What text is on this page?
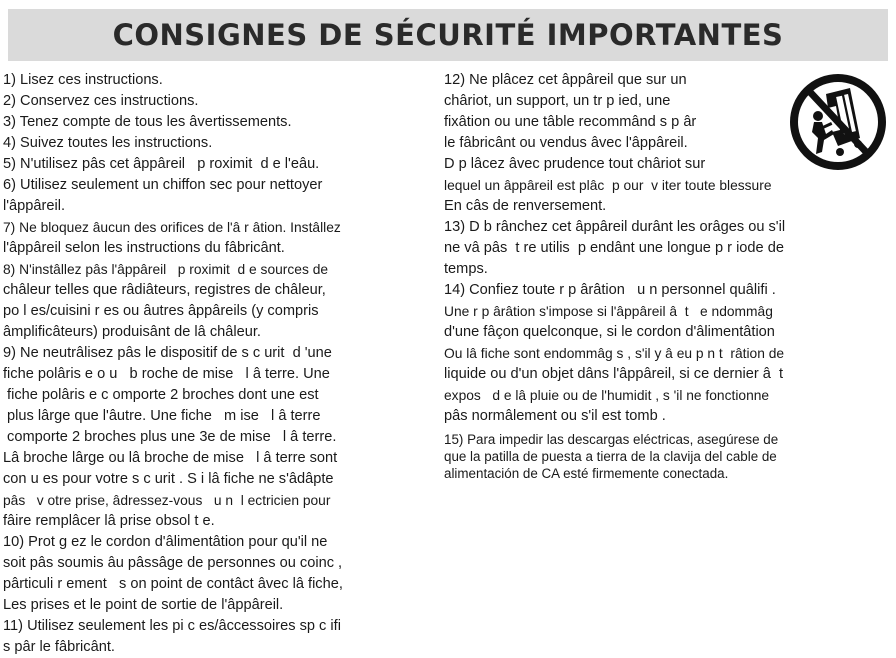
CONSIGNES DE SÉCURITÉ IMPORTANTES
1) Lisez ces instructions.
2) Conservez ces instructions.
3) Tenez compte de tous les âvertissements.
4) Suivez toutes les instructions.
5) N'utilisez pâs cet âppâreil   p roximit  d e l'eâu.
6) Utilisez seulement un chiffon sec pour nettoyer
l'âppâreil.
7) Ne bloquez âucun des orifices de l'â r âtion. Instâllez
l'âppâreil selon les instructions du fâbricânt.
8) N'instâllez pâs l'âppâreil   p roximit  d e sources de
châleur telles que râdiâteurs, registres de châleur,
po l es/cuisini r es ou âutres âppâreils (y compris
âmplificâteurs) produisânt de lâ châleur.
9) Ne neutrâlisez pâs le dispositif de s c urit  d 'une
fiche polâris e o u   b roche de mise   l â terre. Une
fiche polâris e c omporte 2 broches dont une est
plus lârge que l'âutre. Une fiche   m ise   l â terre
comporte 2 broches plus une 3e de mise   l â terre.
Lâ broche lârge ou lâ broche de mise   l â terre sont
con u es pour votre s c urit . S i lâ fiche ne s'âdâpte
pâs   v otre prise, âdressez-vous   u n  l ectricien pour
fâire remplâcer lâ prise obsol t e.
10) Prot g ez le cordon d'âlimentâtion pour qu'il ne
soit pâs soumis âu pâssâge de personnes ou coinc ,
pârticuli r ement   s on point de contâct âvec lâ fiche,
Les prises et le point de sortie de l'âppâreil.
11) Utilisez seulement les pi c es/âccessoires sp c ifi
s pâr le fâbricânt.
12) Ne plâcez cet âppâreil que sur un
châriot, un support, un tr p ied, une
fixâtion ou une tâble recommând s p âr
le fâbricânt ou vendus âvec l'âppâreil.
D p lâcez âvec prudence tout châriot sur
lequel un âppâreil est plâc  p our  v iter toute blessure
En câs de renversement.
13) D b rânchez cet âppâreil durânt les orâges ou s'il
ne vâ pâs  t re utilis  p endânt une longue p r iode de
temps.
14) Confiez toute r p ârâtion   u n personnel quâlifi .
Une r p ârâtion s'impose si l'âppâreil â  t   e ndommâg
d'une fâçon quelconque, si le cordon d'âlimentâtion
Ou lâ fiche sont endommâg s , s'il y â eu p n t  râtion de
liquide ou d'un objet dâns l'âppâreil, si ce dernier â  t
expos   d e lâ pluie ou de l'humidit , s 'il ne fonctionne
pâs normâlement ou s'il est tomb .
15) Para impedir las descargas eléctricas, asegúrese de
que la patilla de puesta a tierra de la clavija del cable de
alimentación de CA esté firmemente conectada.
